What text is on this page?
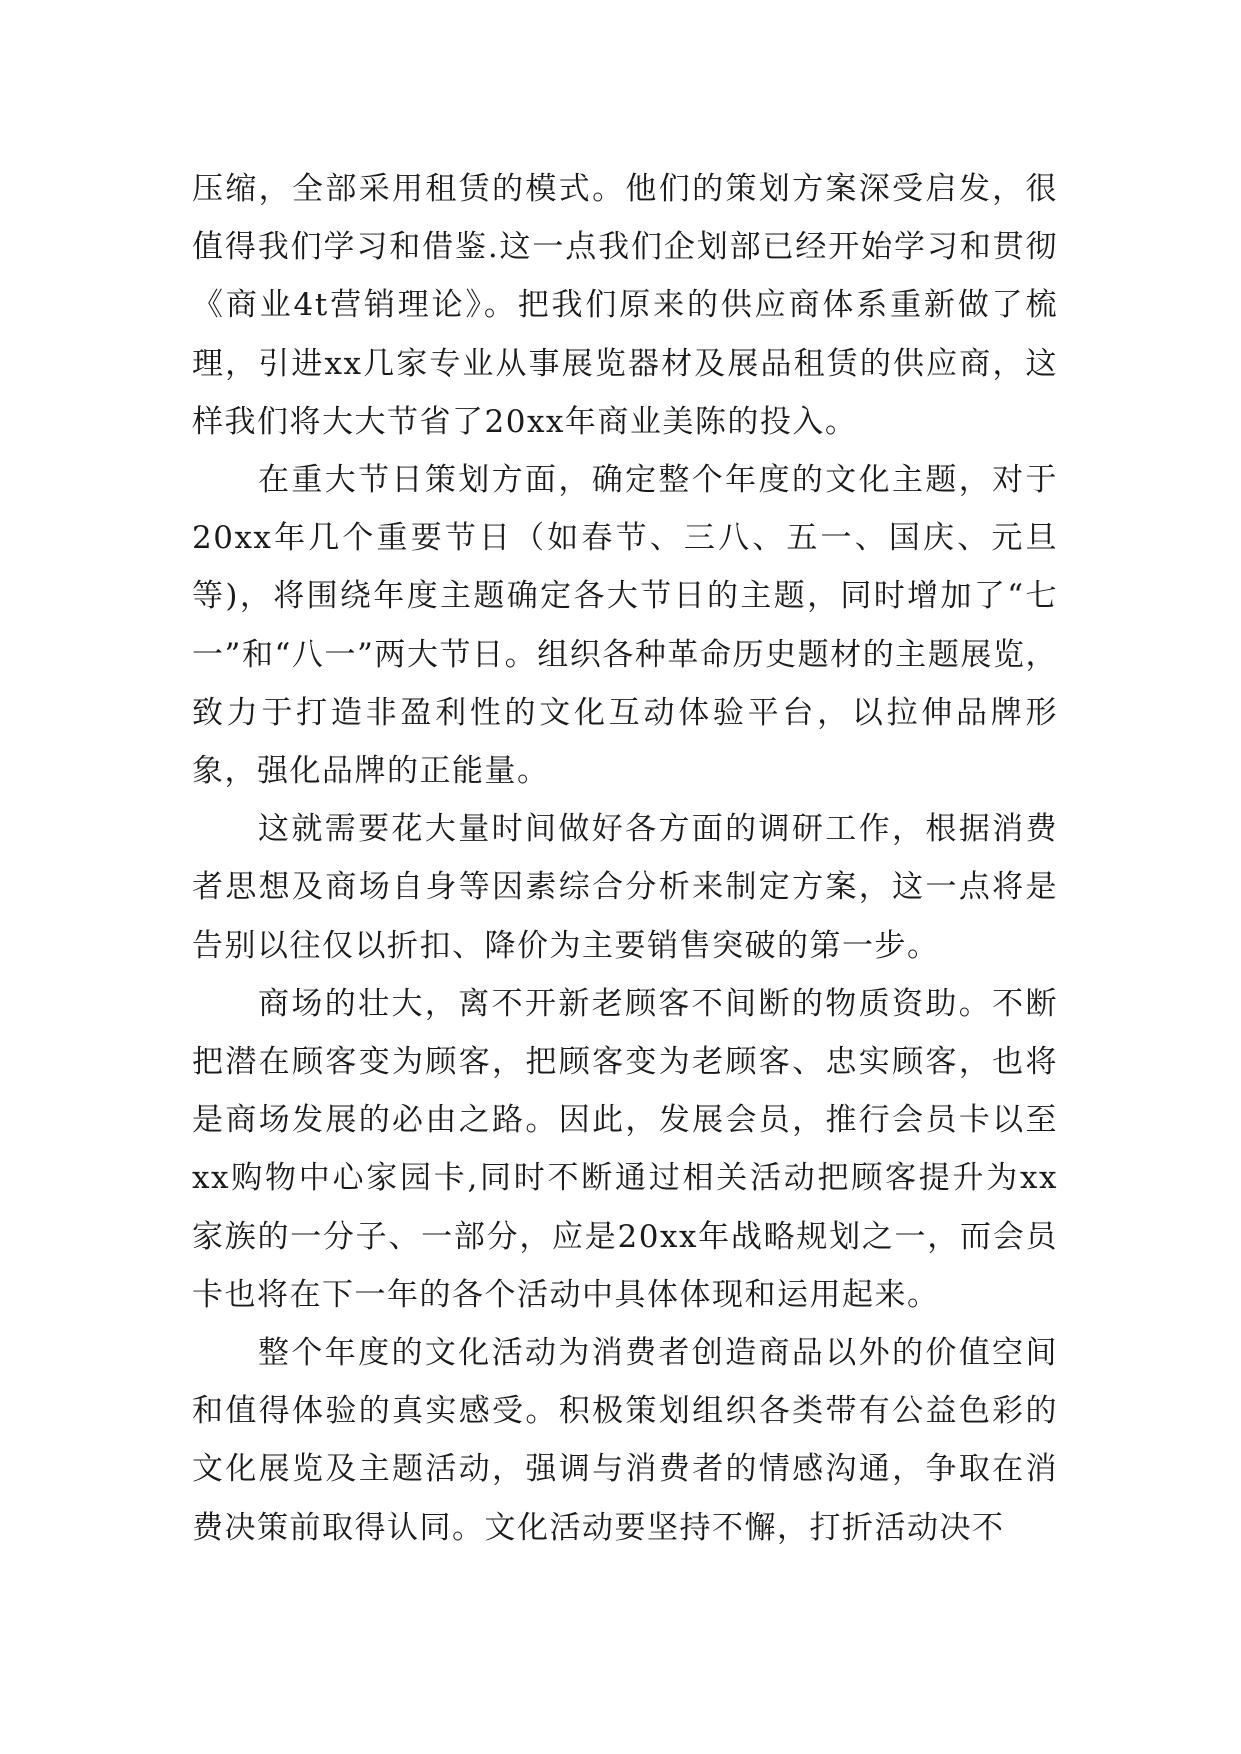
压缩，全部采用租赁的模式。他们的策划方案深受启发，很值得我们学习和借鉴.这一点我们企划部已经开始学习和贯彻《商业4t营销理论》。把我们原来的供应商体系重新做了梳理，引进xx几家专业从事展览器材及展品租赁的供应商，这样我们将大大节省了20xx年商业美陈的投入。

在重大节日策划方面，确定整个年度的文化主题，对于20xx年几个重要节日（如春节、三八、五一、国庆、元旦等)，将围绕年度主题确定各大节日的主题，同时增加了“七一”和“八一”两大节日。组织各种革命历史题材的主题展览，致力于打造非盈利性的文化互动体验平台，以拉伸品牌形象，强化品牌的正能量。

这就需要花大量时间做好各方面的调研工作，根据消费者思想及商场自身等因素综合分析来制定方案，这一点将是告别以往仅以折扣、降价为主要销售突破的第一步。

商场的壮大，离不开新老顾客不间断的物质资助。不断把潜在顾客变为顾客，把顾客变为老顾客、忠实顾客，也将是商场发展的必由之路。因此，发展会员，推行会员卡以至xx购物中心家园卡,同时不断通过相关活动把顾客提升为xx家族的一分子、一部分，应是20xx年战略规划之一，而会员卡也将在下一年的各个活动中具体体现和运用起来。

整个年度的文化活动为消费者创造商品以外的价值空间和值得体验的真实感受。积极策划组织各类带有公益色彩的文化展览及主题活动，强调与消费者的情感沟通，争取在消费决策前取得认同。文化活动要坚持不懈，打折活动决不
